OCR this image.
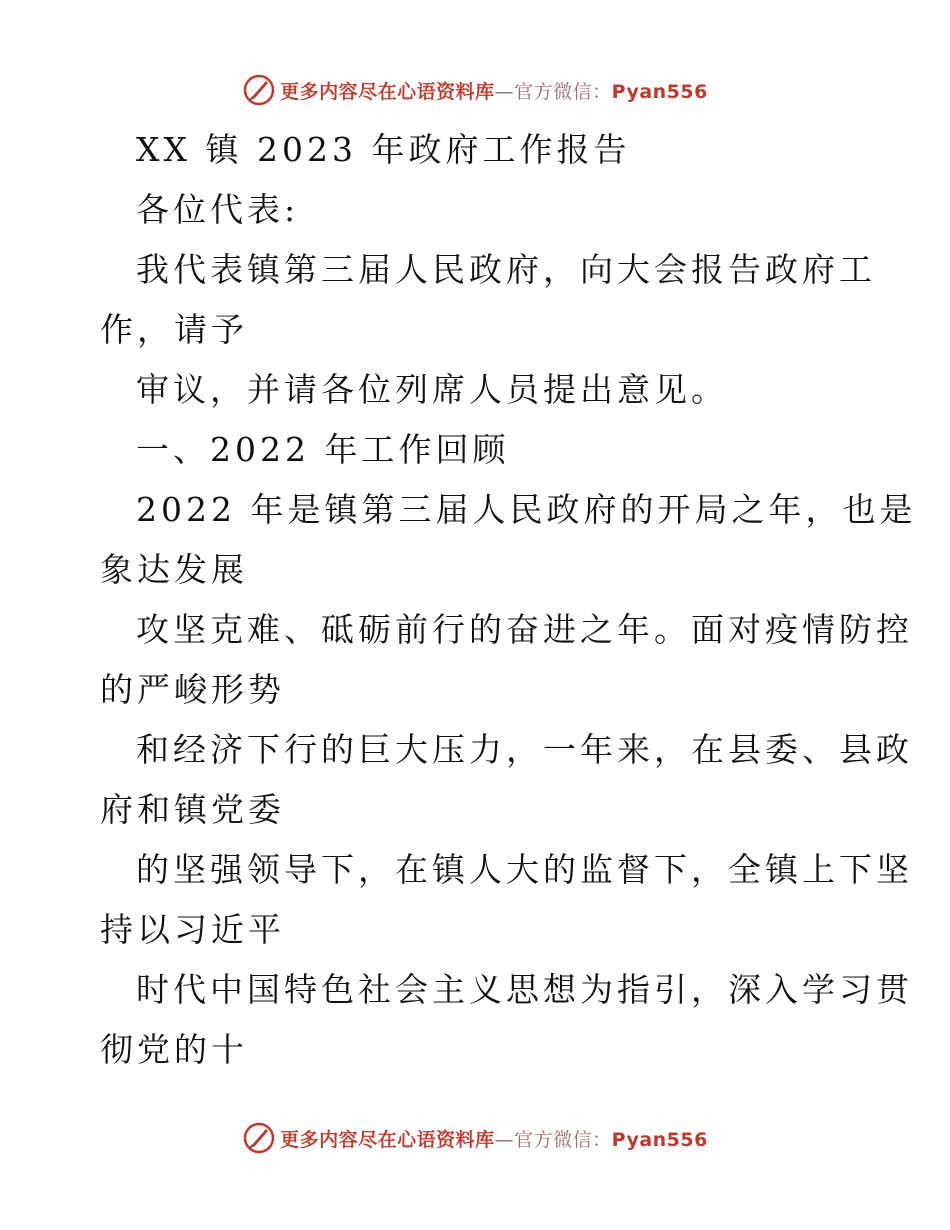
更多内容尽在心语资料库—官方微信：Pyan556
XX 镇 2023 年政府工作报告
各位代表:
我代表镇第三届人民政府，向大会报告政府工
作，请予
审议，并请各位列席人员提出意见。
一、2022 年工作回顾
2022 年是镇第三届人民政府的开局之年，也是
象达发展
攻坚克难、砥砺前行的奋进之年。面对疫情防控
的严峻形势
和经济下行的巨大压力，一年来，在县委、县政
府和镇党委
的坚强领导下，在镇人大的监督下，全镇上下坚
持以习近平
时代中国特色社会主义思想为指引，深入学习贯
彻党的十
更多内容尽在心语资料库—官方微信：Pyan556
